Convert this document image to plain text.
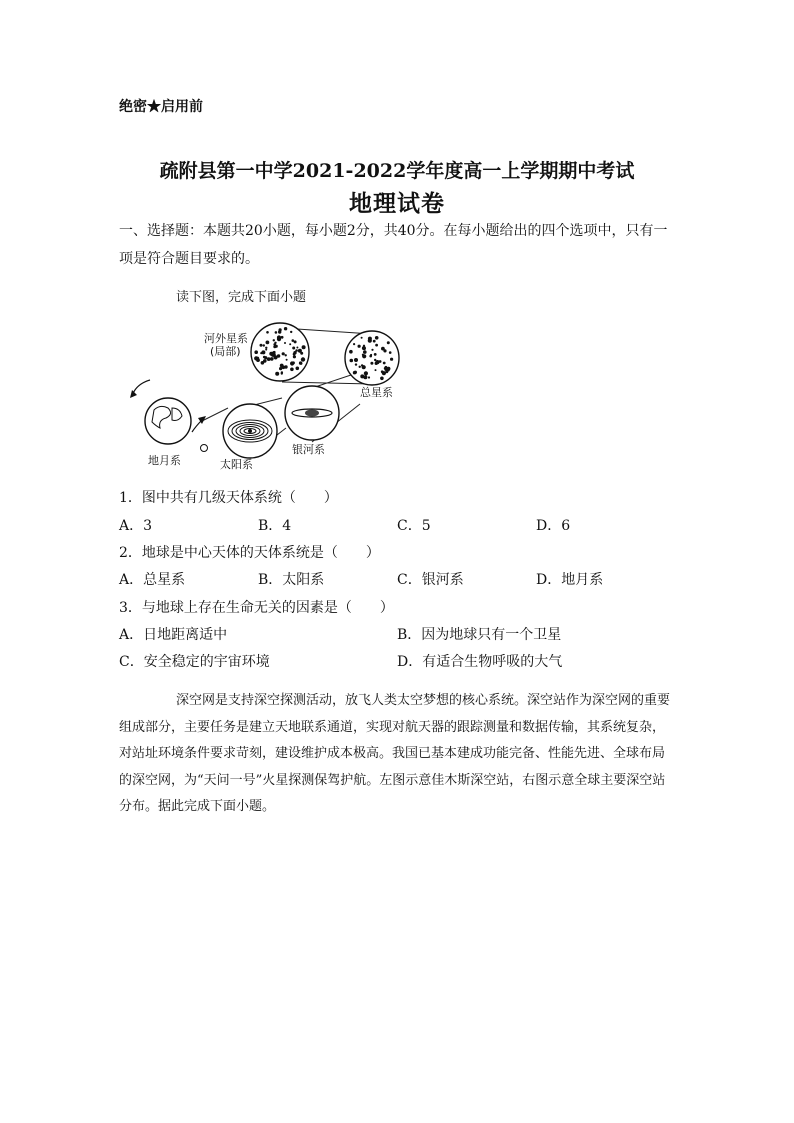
绝密★启用前
疏附县第一中学2021-2022学年度高一上学期期中考试
地理试卷
一、选择题：本题共20小题，每小题2分，共40分。在每小题给出的四个选项中，只有一项是符合题目要求的。
读下图，完成下面小题
河外星系
(局部)
总星系
银河系
太阳系
地月系
1．图中共有几级天体系统（　　）
A．3	B．4	C．5	D．6
2．地球是中心天体的天体系统是（　　）
A．总星系	B．太阳系	C．银河系	D．地月系
3．与地球上存在生命无关的因素是（　　）
A．日地距离适中	B．因为地球只有一个卫星
C．安全稳定的宇宙环境	D．有适合生物呼吸的大气
深空网是支持深空探测活动，放飞人类太空梦想的核心系统。深空站作为深空网的重要组成部分，主要任务是建立天地联系通道，实现对航天器的跟踪测量和数据传输，其系统复杂，对站址环境条件要求苛刻，建设维护成本极高。我国已基本建成功能完备、性能先进、全球布局的深空网，为“天问一号”火星探测保驾护航。左图示意佳木斯深空站，右图示意全球主要深空站分布。据此完成下面小题。
